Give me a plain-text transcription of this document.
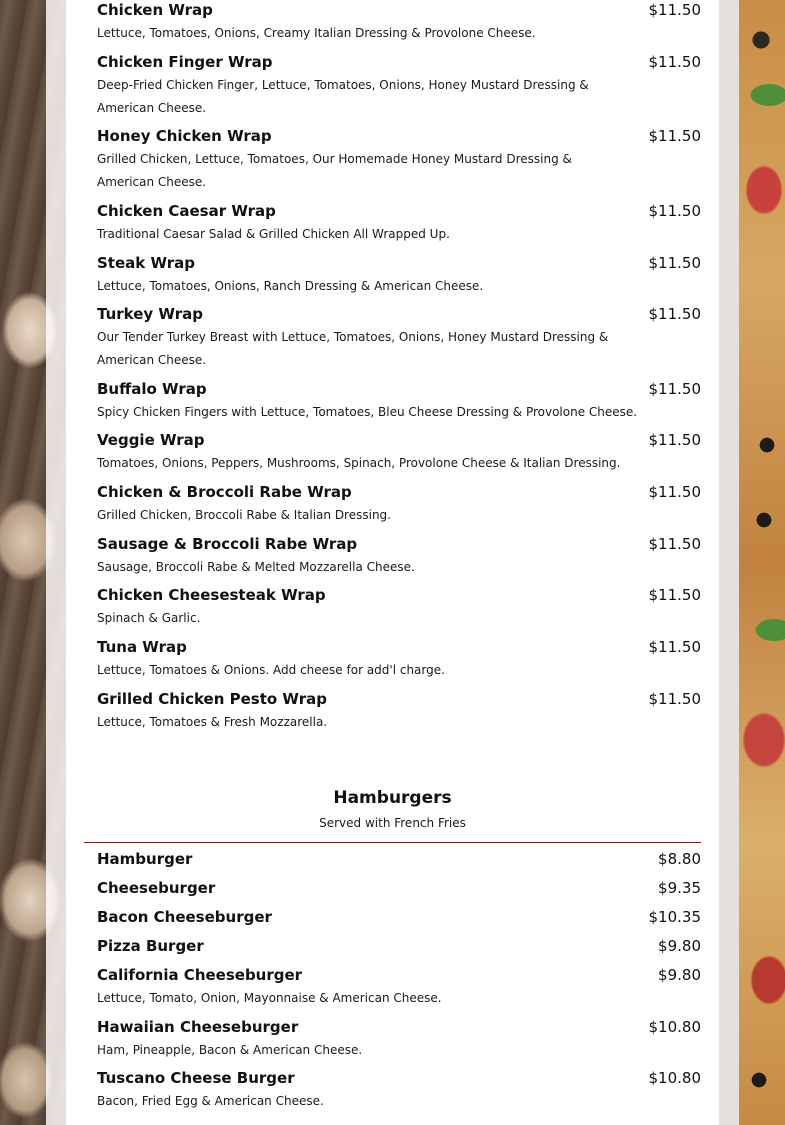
Chicken Wrap	$11.50
Lettuce, Tomatoes, Onions, Creamy Italian Dressing & Provolone Cheese.
Chicken Finger Wrap	$11.50
Deep-Fried Chicken Finger, Lettuce, Tomatoes, Onions, Honey Mustard Dressing & American Cheese.
Honey Chicken Wrap	$11.50
Grilled Chicken, Lettuce, Tomatoes, Our Homemade Honey Mustard Dressing & American Cheese.
Chicken Caesar Wrap	$11.50
Traditional Caesar Salad & Grilled Chicken All Wrapped Up.
Steak Wrap	$11.50
Lettuce, Tomatoes, Onions, Ranch Dressing & American Cheese.
Turkey Wrap	$11.50
Our Tender Turkey Breast with Lettuce, Tomatoes, Onions, Honey Mustard Dressing & American Cheese.
Buffalo Wrap	$11.50
Spicy Chicken Fingers with Lettuce, Tomatoes, Bleu Cheese Dressing & Provolone Cheese.
Veggie Wrap	$11.50
Tomatoes, Onions, Peppers, Mushrooms, Spinach, Provolone Cheese & Italian Dressing.
Chicken & Broccoli Rabe Wrap	$11.50
Grilled Chicken, Broccoli Rabe & Italian Dressing.
Sausage & Broccoli Rabe Wrap	$11.50
Sausage, Broccoli Rabe & Melted Mozzarella Cheese.
Chicken Cheesesteak Wrap	$11.50
Spinach & Garlic.
Tuna Wrap	$11.50
Lettuce, Tomatoes & Onions. Add cheese for add'l charge.
Grilled Chicken Pesto Wrap	$11.50
Lettuce, Tomatoes & Fresh Mozzarella.
Hamburgers
Served with French Fries
Hamburger	$8.80
Cheeseburger	$9.35
Bacon Cheeseburger	$10.35
Pizza Burger	$9.80
California Cheeseburger	$9.80
Lettuce, Tomato, Onion, Mayonnaise & American Cheese.
Hawaiian Cheeseburger	$10.80
Ham, Pineapple, Bacon & American Cheese.
Tuscano Cheese Burger	$10.80
Bacon, Fried Egg & American Cheese.
